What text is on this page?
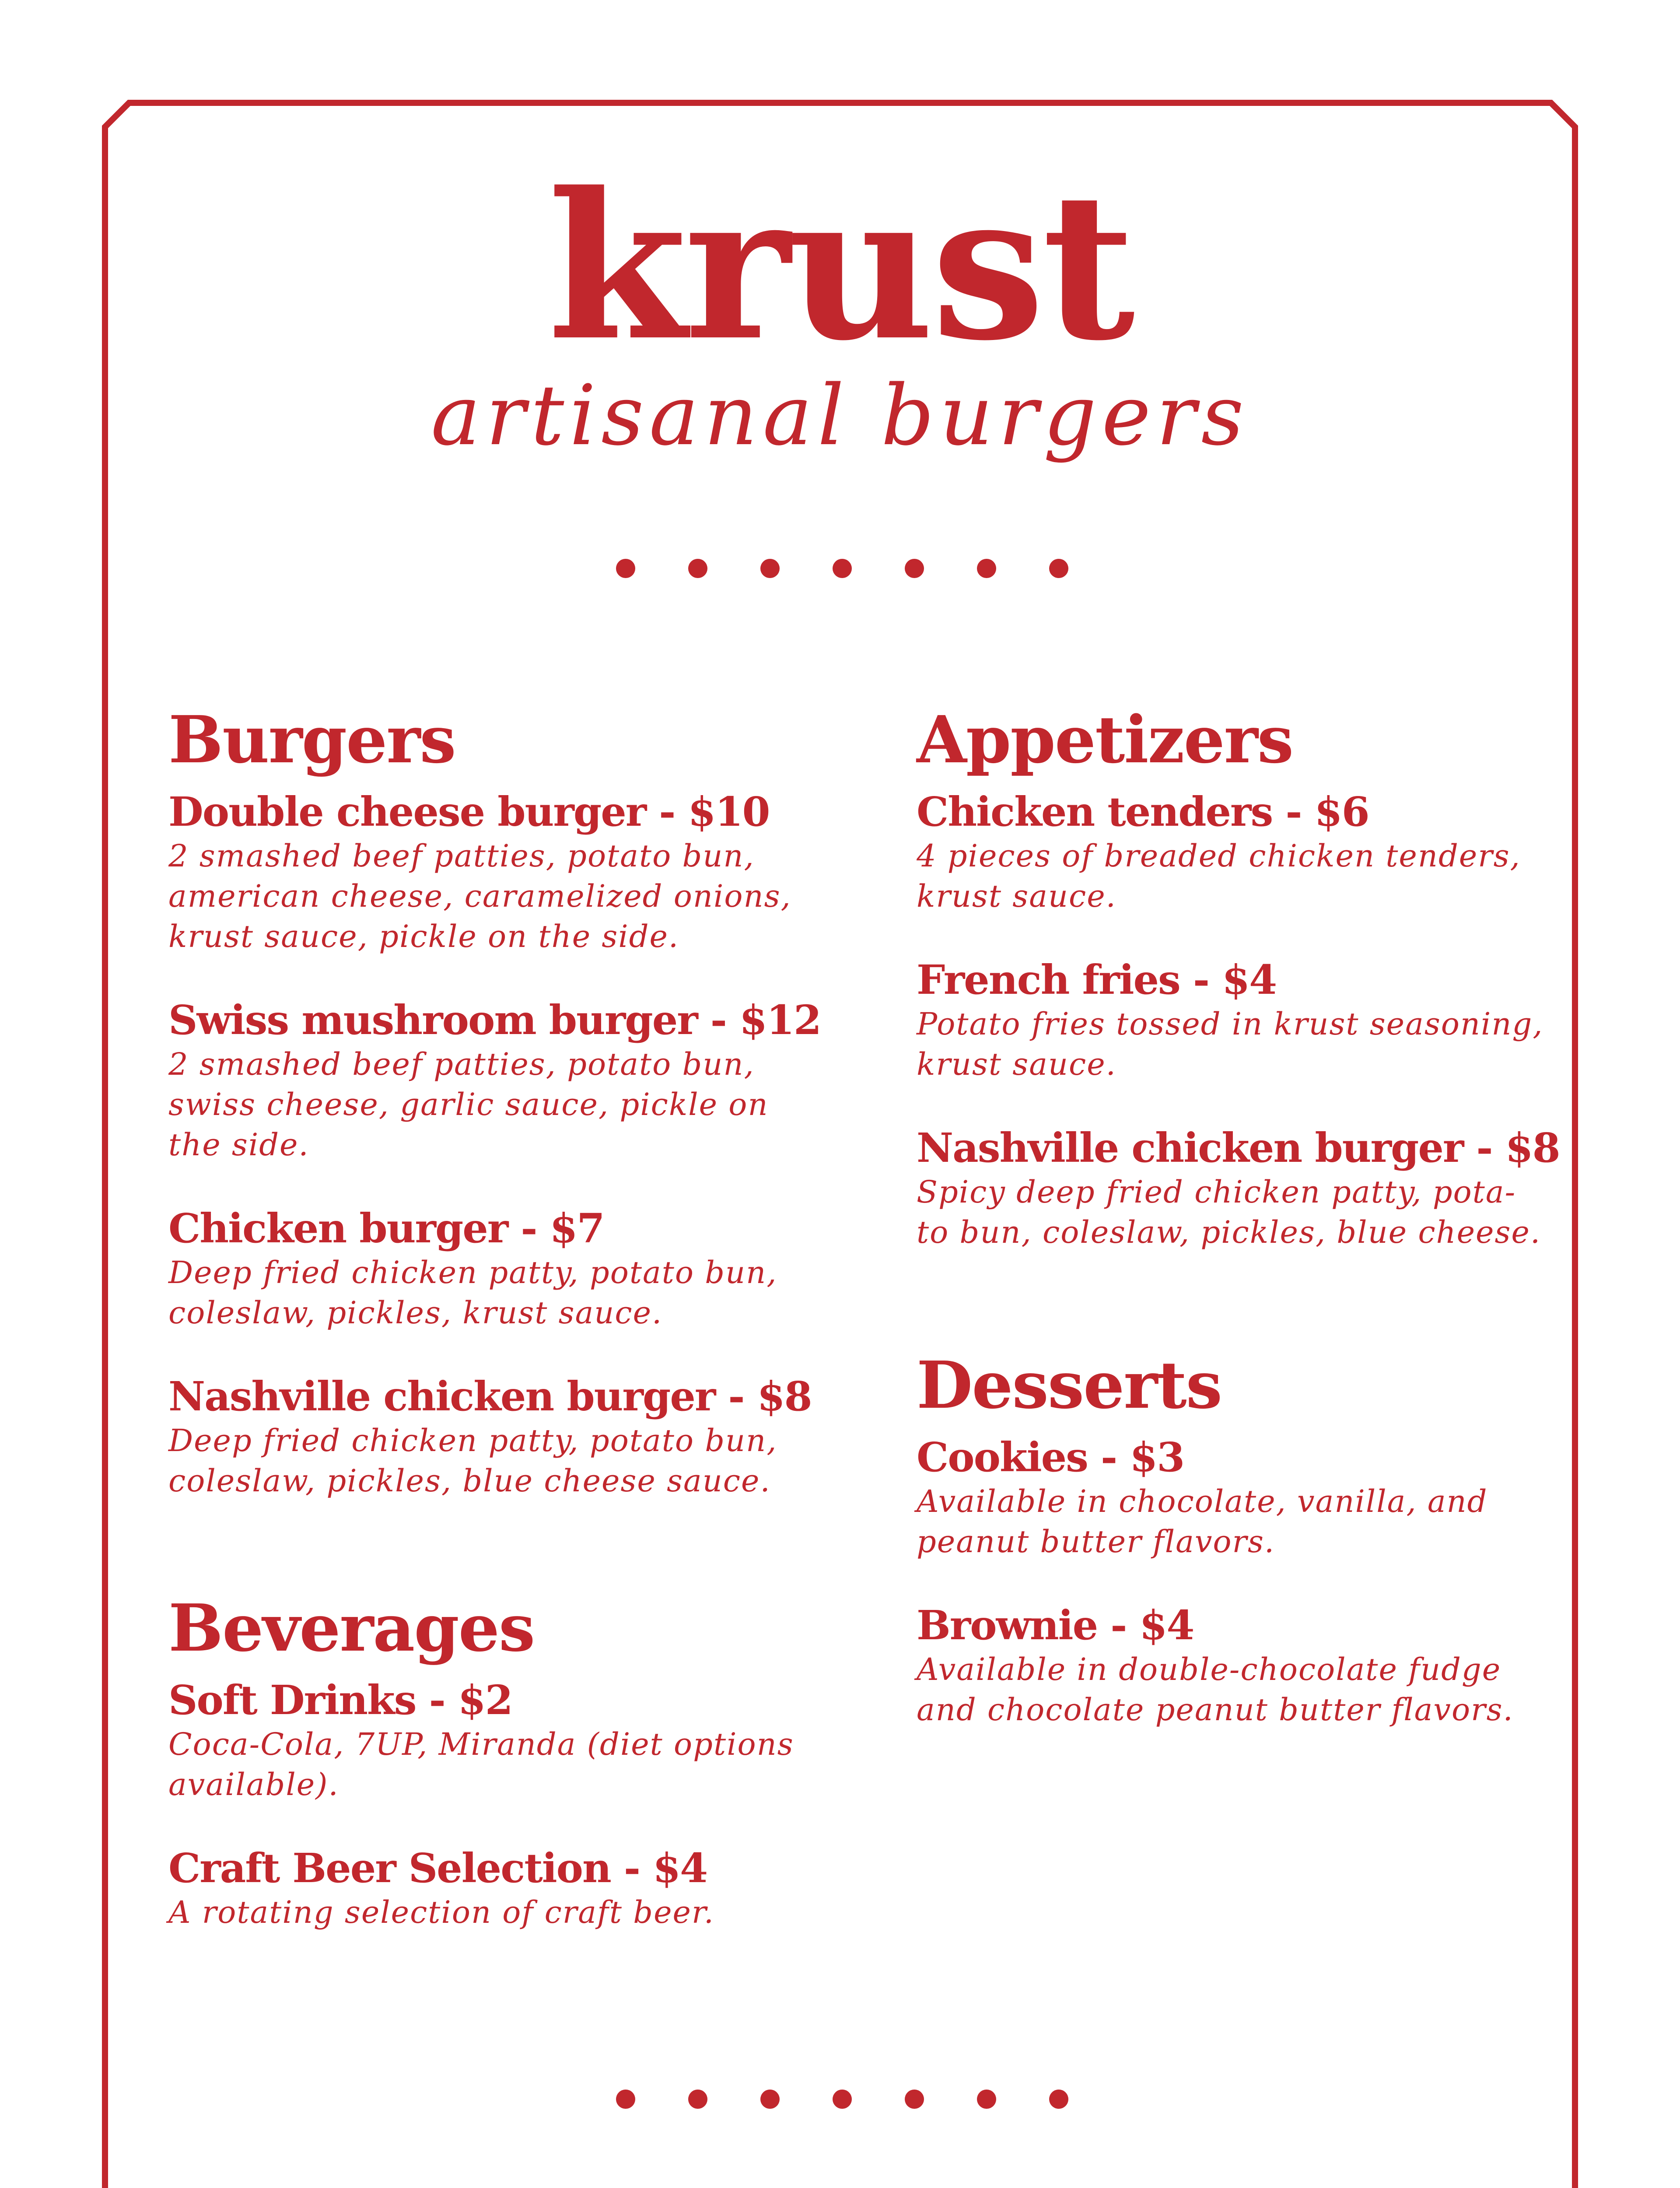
krust
artisanal burgers
Burgers
Double cheese burger - $10
2 smashed beef patties, potato bun, american cheese, caramelized onions, krust sauce, pickle on the side.
Swiss mushroom burger - $12
2 smashed beef patties, potato bun, swiss cheese, garlic sauce, pickle on the side.
Chicken burger - $7
Deep fried chicken patty, potato bun, coleslaw, pickles, krust sauce.
Nashville chicken burger - $8
Deep fried chicken patty, potato bun, coleslaw, pickles, blue cheese sauce.
Beverages
Soft Drinks - $2
Coca-Cola, 7UP, Miranda (diet options available).
Craft Beer Selection - $4
A rotating selection of craft beer.
Appetizers
Chicken tenders - $6
4 pieces of breaded chicken tenders, krust sauce.
French fries - $4
Potato fries tossed in krust seasoning, krust sauce.
Nashville chicken burger - $8
Spicy deep fried chicken patty, pota- to bun, coleslaw, pickles, blue cheese.
Desserts
Cookies - $3
Available in chocolate, vanilla, and peanut butter flavors.
Brownie - $4
Available in double-chocolate fudge and chocolate peanut butter flavors.
